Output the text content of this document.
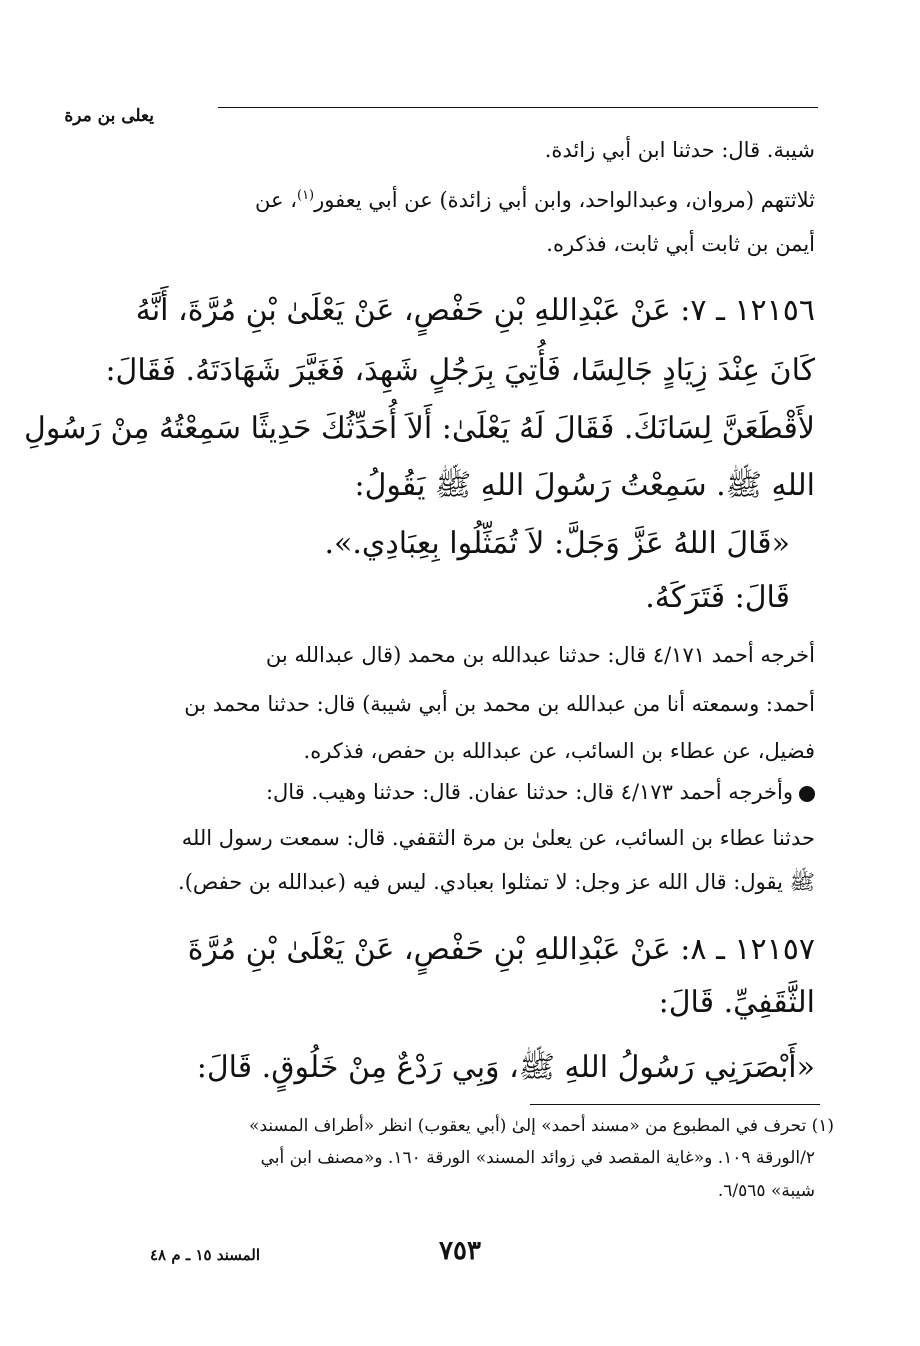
يعلى بن مرة
شيبة. قال: حدثنا ابن أبي زائدة.
ثلاثتهم (مروان، وعبدالواحد، وابن أبي زائدة) عن أبي يعفور$^{(١)}$، عن
أيمن بن ثابت أبي ثابت، فذكره.
١٢١٥٦ ـ ٧: عَنْ عَبْدِاللهِ بْنِ حَفْصٍ، عَنْ يَعْلَىٰ بْنِ مُرَّةَ، أَنَّهُ
كَانَ عِنْدَ زِيَادٍ جَالِسًا، فَأُتِيَ بِرَجُلٍ شَهِدَ، فَغَيَّرَ شَهَادَتَهُ. فَقَالَ:
لأَقْطَعَنَّ لِسَانَكَ. فَقَالَ لَهُ يَعْلَىٰ: أَلاَ أُحَدِّثُكَ حَدِيثًا سَمِعْتُهُ مِنْ رَسُولِ
اللهِ ﷺ. سَمِعْتُ رَسُولَ اللهِ ﷺ يَقُولُ:
«قَالَ اللهُ عَزَّ وَجَلَّ: لاَ تُمَثِّلُوا بِعِبَادِي.».
قَالَ: فَتَرَكَهُ.
أخرجه أحمد ٤/١٧١ قال: حدثنا عبدالله بن محمد (قال عبدالله بن
أحمد: وسمعته أنا من عبدالله بن محمد بن أبي شيبة) قال: حدثنا محمد بن
فضيل، عن عطاء بن السائب، عن عبدالله بن حفص، فذكره.
وأخرجه أحمد ٤/١٧٣ قال: حدثنا عفان. قال: حدثنا وهيب. قال:
حدثنا عطاء بن السائب، عن يعلىٰ بن مرة الثقفي. قال: سمعت رسول الله
ﷺ يقول: قال الله عز وجل: لا تمثلوا بعبادي. ليس فيه (عبدالله بن حفص).
١٢١٥٧ ـ ٨: عَنْ عَبْدِاللهِ بْنِ حَفْصٍ، عَنْ يَعْلَىٰ بْنِ مُرَّةَ
الثَّقَفِيِّ. قَالَ:
«أَبْصَرَنِي رَسُولُ اللهِ ﷺ، وَبِي رَدْعٌ مِنْ خَلُوقٍ. قَالَ:
(١) تحرف في المطبوع من «مسند أحمد» إلىٰ (أبي يعقوب) انظر «أطراف المسند»
٢/الورقة ١٠٩. و«غاية المقصد في زوائد المسند» الورقة ١٦٠. و«مصنف ابن أبي
شيبة» ٦/٥٦٥.
٧٥٣
المسند ١٥ ـ م ٤٨
